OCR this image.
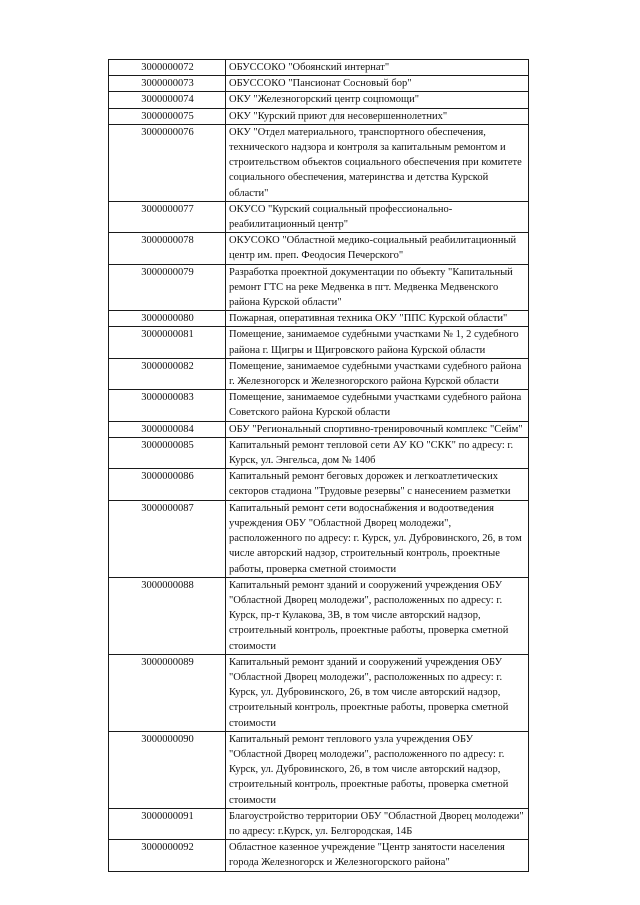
3000000072	ОБУССОКО "Обоянский интернат"
3000000073	ОБУССОКО "Пансионат Сосновый бор"
3000000074	ОКУ "Железногорский центр соцпомощи"
3000000075	ОКУ "Курский приют для несовершеннолетних"
3000000076	ОКУ "Отдел материального, транспортного обеспечения, технического надзора и контроля за капитальным ремонтом и строительством объектов социального обеспечения при комитете социального обеспечения, материнства и детства Курской области"
3000000077	ОКУСО "Курский социальный профессионально-реабилитационный центр"
3000000078	ОКУСОКО "Областной медико-социальный реабилитационный центр им. преп. Феодосия Печерского"
3000000079	Разработка проектной документации по объекту "Капитальный ремонт ГТС на реке Медвенка в пгт. Медвенка Медвенского района Курской области"
3000000080	Пожарная, оперативная техника ОКУ "ППС Курской области"
3000000081	Помещение, занимаемое судебными участками № 1, 2 судебного района г. Щигры и Щигровского района Курской области
3000000082	Помещение, занимаемое судебными участками судебного района г. Железногорск и Железногорского района Курской области
3000000083	Помещение, занимаемое судебными участками судебного района Советского района Курской области
3000000084	ОБУ "Региональный спортивно-тренировочный комплекс "Сейм"
3000000085	Капитальный ремонт тепловой сети АУ КО "СКК" по адресу: г. Курск, ул. Энгельса, дом № 140б
3000000086	Капитальный ремонт беговых дорожек и легкоатлетических секторов стадиона "Трудовые резервы" с нанесением разметки
3000000087	Капитальный ремонт сети водоснабжения и водоотведения учреждения ОБУ "Областной Дворец молодежи", расположенного по адресу: г. Курск, ул. Дубровинского, 26, в том числе авторский надзор, строительный контроль, проектные работы, проверка сметной стоимости
3000000088	Капитальный ремонт зданий и сооружений учреждения ОБУ "Областной Дворец молодежи", расположенных по адресу: г. Курск, пр-т Кулакова, 3В, в том числе авторский надзор, строительный контроль, проектные работы, проверка сметной стоимости
3000000089	Капитальный ремонт зданий и сооружений учреждения ОБУ "Областной Дворец молодежи", расположенных по адресу: г. Курск, ул. Дубровинского, 26, в том числе авторский надзор, строительный контроль, проектные работы, проверка сметной стоимости
3000000090	Капитальный ремонт теплового узла учреждения ОБУ "Областной Дворец молодежи", расположенного по адресу: г. Курск, ул. Дубровинского, 26, в том числе авторский надзор, строительный контроль, проектные работы, проверка сметной стоимости
3000000091	Благоустройство территории ОБУ "Областной Дворец молодежи" по адресу: г.Курск, ул. Белгородская, 14Б
3000000092	Областное казенное учреждение "Центр занятости населения города Железногорск и Железногорского района"
